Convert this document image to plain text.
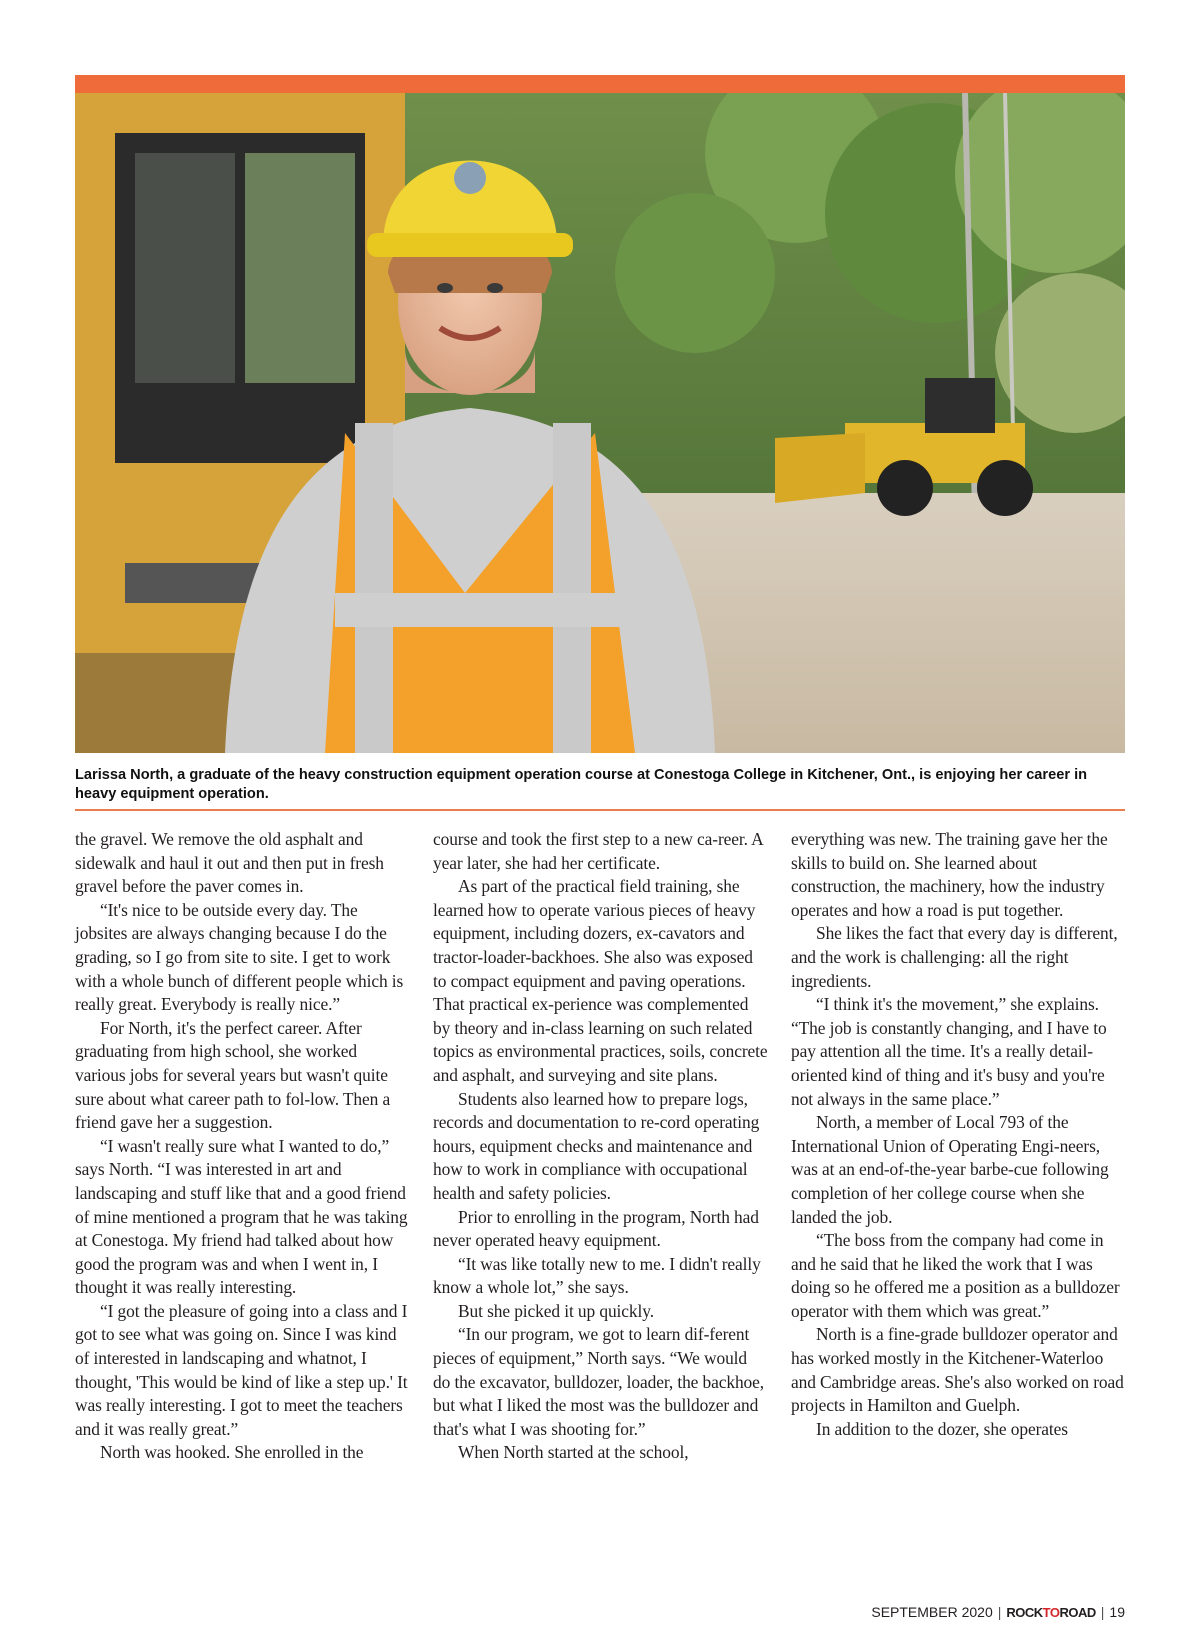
Larissa North, a graduate of the heavy construction equipment operation course at Conestoga College in Kitchener, Ont., is enjoying her career in heavy equipment operation.

the gravel. We remove the old asphalt and sidewalk and haul it out and then put in fresh gravel before the paver comes in.

“It's nice to be outside every day. The jobsites are always changing because I do the grading, so I go from site to site. I get to work with a whole bunch of different people which is really great. Everybody is really nice.”

For North, it's the perfect career. After graduating from high school, she worked various jobs for several years but wasn't quite sure about what career path to fol-low. Then a friend gave her a suggestion.

“I wasn't really sure what I wanted to do,” says North. “I was interested in art and landscaping and stuff like that and a good friend of mine mentioned a program that he was taking at Conestoga. My friend had talked about how good the program was and when I went in, I thought it was really interesting.

“I got the pleasure of going into a class and I got to see what was going on. Since I was kind of interested in landscaping and whatnot, I thought, 'This would be kind of like a step up.' It was really interesting. I got to meet the teachers and it was really great.”

North was hooked. She enrolled in the

course and took the first step to a new ca-reer. A year later, she had her certificate.

As part of the practical field training, she learned how to operate various pieces of heavy equipment, including dozers, ex-cavators and tractor-loader-backhoes. She also was exposed to compact equipment and paving operations. That practical ex-perience was complemented by theory and in-class learning on such related topics as environmental practices, soils, concrete and asphalt, and surveying and site plans.

Students also learned how to prepare logs, records and documentation to re-cord operating hours, equipment checks and maintenance and how to work in compliance with occupational health and safety policies.

Prior to enrolling in the program, North had never operated heavy equipment.

“It was like totally new to me. I didn't really know a whole lot,” she says.

But she picked it up quickly.

“In our program, we got to learn dif-ferent pieces of equipment,” North says. “We would do the excavator, bulldozer, loader, the backhoe, but what I liked the most was the bulldozer and that's what I was shooting for.”

When North started at the school,

everything was new. The training gave her the skills to build on. She learned about construction, the machinery, how the industry operates and how a road is put together.

She likes the fact that every day is different, and the work is challenging: all the right ingredients.

“I think it's the movement,” she explains. “The job is constantly changing, and I have to pay attention all the time. It's a really detail-oriented kind of thing and it's busy and you're not always in the same place.”

North, a member of Local 793 of the International Union of Operating Engi-neers, was at an end-of-the-year barbe-cue following completion of her college course when she landed the job.

“The boss from the company had come in and he said that he liked the work that I was doing so he offered me a position as a bulldozer operator with them which was great.”

North is a fine-grade bulldozer operator and has worked mostly in the Kitchener-Waterloo and Cambridge areas. She's also worked on road projects in Hamilton and Guelph.

In addition to the dozer, she operates

SEPTEMBER 2020 | ROCKTOROAD | 19
